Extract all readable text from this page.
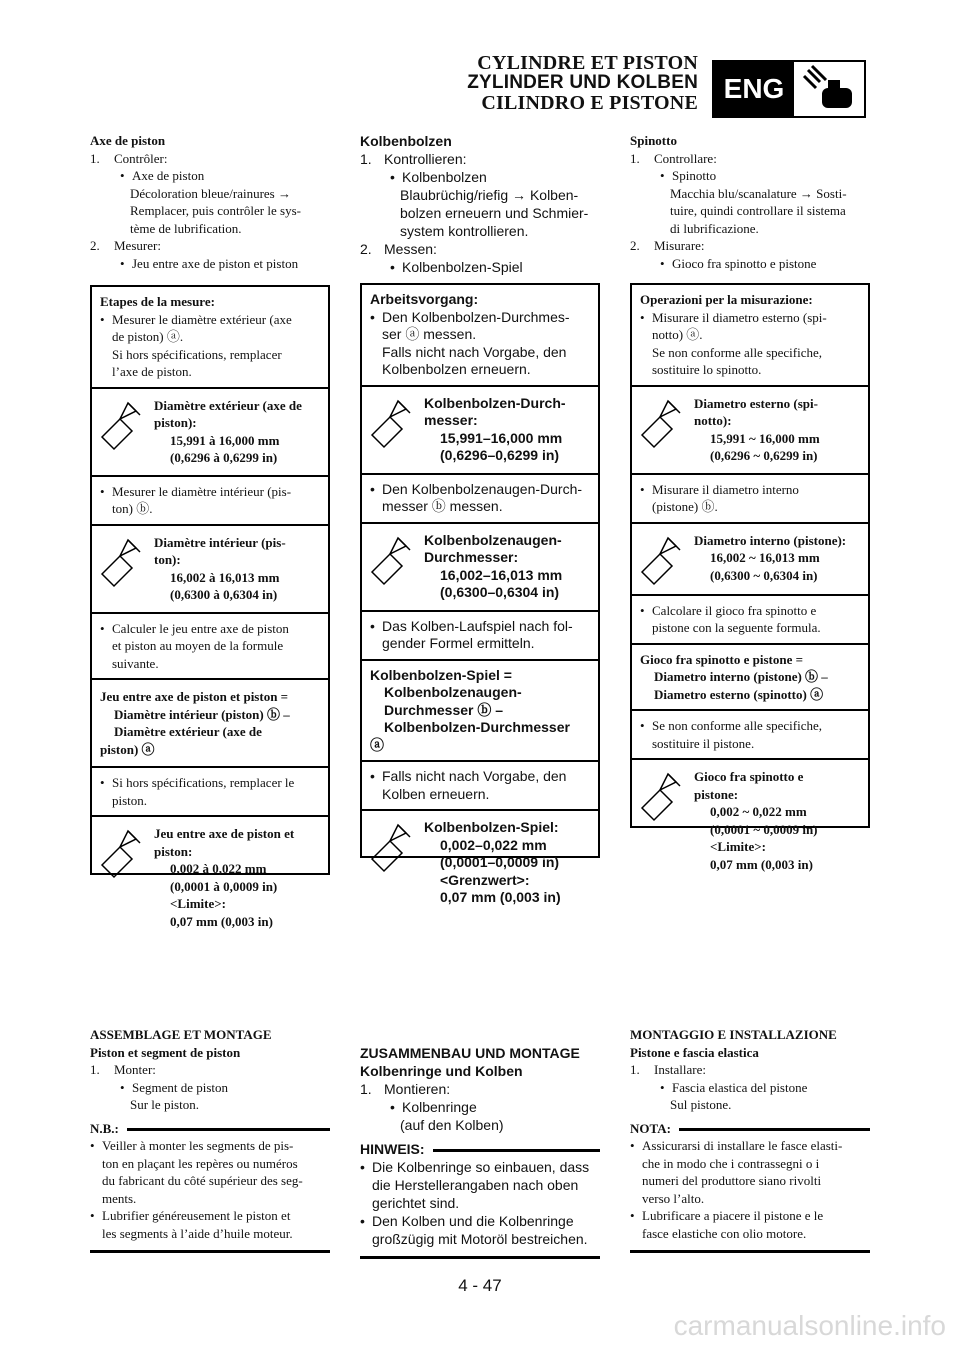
CYLINDRE ET PISTON
ZYLINDER UND KOLBEN
CILINDRO E PISTONE ENG
Axe de piston
1.	Contrôler:
• Axe de piston
Décoloration bleue/rainures →
Remplacer, puis contrôler le sys-
tème de lubrification.
2.	Mesurer:
• Jeu entre axe de piston et piston
Etapes de la mesure:
• Mesurer le diamètre extérieur (axe
de piston) ⓐ.
Si hors spécifications, remplacer
l’axe de piston.
Diamètre extérieur (axe de
piston):
15,991 à 16,000 mm
(0,6296 à 0,6299 in)
• Mesurer le diamètre intérieur (pis-
ton) ⓑ.
Diamètre intérieur (pis-
ton):
16,002 à 16,013 mm
(0,6300 à 0,6304 in)
• Calculer le jeu entre axe de piston
et piston au moyen de la formule
suivante.
Jeu entre axe de piston et piston =
Diamètre intérieur (piston) ⓑ –
Diamètre extérieur (axe de
piston) ⓐ
• Si hors spécifications, remplacer le
piston.
Jeu entre axe de piston et
piston:
0,002 à 0,022 mm
(0,0001 à 0,0009 in)
<Limite>:
0,07 mm (0,003 in)
Kolbenbolzen
1. Kontrollieren:
• Kolbenbolzen
Blaubrüchig/riefig → Kolben-
bolzen erneuern und Schmier-
system kontrollieren.
2. Messen:
• Kolbenbolzen-Spiel
Arbeitsvorgang:
• Den Kolbenbolzen-Durchmes-
ser ⓐ messen.
Falls nicht nach Vorgabe, den
Kolbenbolzen erneuern.
Kolbenbolzen-Durch-
messer:
15,991–16,000 mm
(0,6296–0,6299 in)
• Den Kolbenbolzenaugen-Durch-
messer ⓑ messen.
Kolbenbolzenaugen-
Durchmesser:
16,002–16,013 mm
(0,6300–0,6304 in)
• Das Kolben-Laufspiel nach fol-
gender Formel ermitteln.
Kolbenbolzen-Spiel =
Kolbenbolzenaugen-
Durchmesser ⓑ –
Kolbenbolzen-Durchmesser
ⓐ
• Falls nicht nach Vorgabe, den
Kolben erneuern.
Kolbenbolzen-Spiel:
0,002–0,022 mm
(0,0001–0,0009 in)
<Grenzwert>:
0,07 mm (0,003 in)
Spinotto
1.	Controllare:
• Spinotto
Macchia blu/scanalature → Sosti-
tuire, quindi controllare il sistema
di lubrificazione.
2.	Misurare:
• Gioco fra spinotto e pistone
Operazioni per la misurazione:
• Misurare il diametro esterno (spi-
notto) ⓐ.
Se non conforme alle specifiche,
sostituire lo spinotto.
Diametro esterno (spi-
notto):
15,991 ~ 16,000 mm
(0,6296 ~ 0,6299 in)
• Misurare il diametro interno
(pistone) ⓑ.
Diametro interno (pistone):
16,002 ~ 16,013 mm
(0,6300 ~ 0,6304 in)
• Calcolare il gioco fra spinotto e
pistone con la seguente formula.
Gioco fra spinotto e pistone =
Diametro interno (pistone) ⓑ –
Diametro esterno (spinotto) ⓐ
• Se non conforme alle specifiche,
sostituire il pistone.
Gioco fra spinotto e
pistone:
0,002 ~ 0,022 mm
(0,0001 ~ 0,0009 in)
<Limite>:
0,07 mm (0,003 in)
ASSEMBLAGE ET MONTAGE
Piston et segment de piston
1.	Monter:
• Segment de piston
Sur le piston.
N.B.:
• Veiller à monter les segments de pis-
ton en plaçant les repères ou numéros
du fabricant du côté supérieur des seg-
ments.
• Lubrifier généreusement le piston et
les segments à l’aide d’huile moteur.
ZUSAMMENBAU UND MONTAGE
Kolbenringe und Kolben
1. Montieren:
• Kolbenringe
(auf den Kolben)
HINWEIS:
• Die Kolbenringe so einbauen, dass
die Herstellerangaben nach oben
gerichtet sind.
• Den Kolben und die Kolbenringe
großzügig mit Motoröl bestreichen.
MONTAGGIO E INSTALLAZIONE
Pistone e fascia elastica
1.	Installare:
• Fascia elastica del pistone
Sul pistone.
NOTA:
• Assicurarsi di installare le fasce elasti-
che in modo che i contrassegni o i
numeri del produttore siano rivolti
verso l’alto.
• Lubrificare a piacere il pistone e le
fasce elastiche con olio motore.
4 - 47
carmanualsonline.info
